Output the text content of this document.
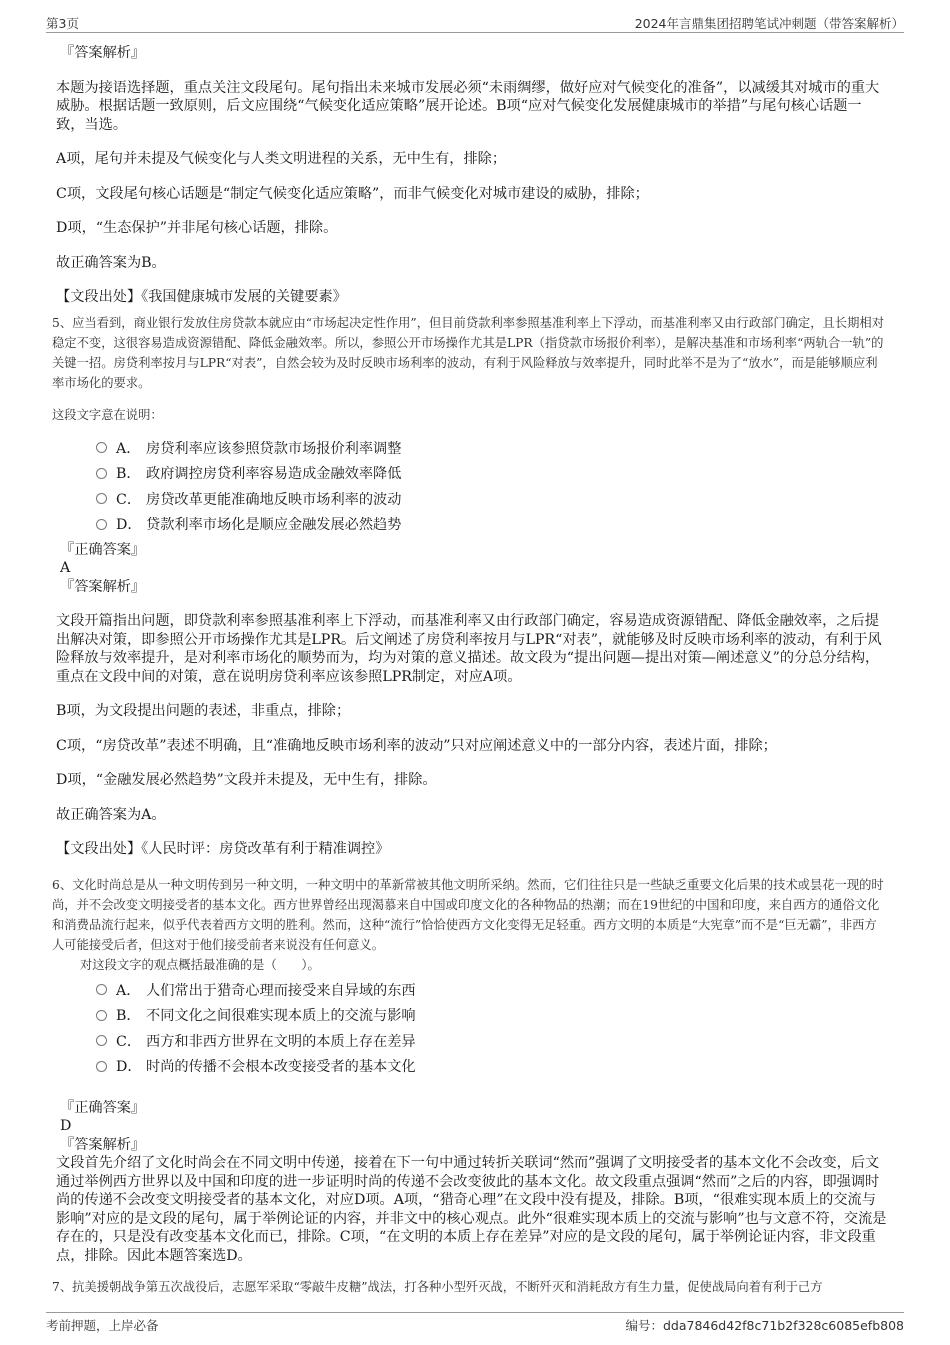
第3页	2024年言鼎集团招聘笔试冲刺题（带答案解析）

『答案解析』

本题为接语选择题，重点关注文段尾句。尾句指出未来城市发展必须“未雨绸缪，做好应对气候变化的准备”，以减缓其对城市的重大威胁。根据话题一致原则，后文应围绕“气候变化适应策略”展开论述。B项“应对气候变化发展健康城市的举措”与尾句核心话题一致，当选。

A项，尾句并未提及气候变化与人类文明进程的关系，无中生有，排除；

C项，文段尾句核心话题是“制定气候变化适应策略”，而非气候变化对城市建设的威胁，排除；

D项，“生态保护”并非尾句核心话题，排除。

故正确答案为B。

【文段出处】《我国健康城市发展的关键要素》

5、应当看到，商业银行发放住房贷款本就应由“市场起决定性作用”，但目前贷款利率参照基准利率上下浮动，而基准利率又由行政部门确定，且长期相对稳定不变，这很容易造成资源错配、降低金融效率。所以，参照公开市场操作尤其是LPR（指贷款市场报价利率），是解决基准和市场利率“两轨合一轨”的关键一招。房贷利率按月与LPR“对表”，自然会较为及时反映市场利率的波动，有利于风险释放与效率提升，同时此举不是为了“放水”，而是能够顺应利率市场化的要求。

这段文字意在说明：

A． 房贷利率应该参照贷款市场报价利率调整
B． 政府调控房贷利率容易造成金融效率降低
C． 房贷改革更能准确地反映市场利率的波动
D． 贷款利率市场化是顺应金融发展必然趋势

『正确答案』

A

『答案解析』

文段开篇指出问题，即贷款利率参照基准利率上下浮动，而基准利率又由行政部门确定，容易造成资源错配、降低金融效率，之后提出解决对策，即参照公开市场操作尤其是LPR。后文阐述了房贷利率按月与LPR“对表”，就能够及时反映市场利率的波动，有利于风险释放与效率提升，是对利率市场化的顺势而为，均为对策的意义描述。故文段为“提出问题—提出对策—阐述意义”的分总分结构，重点在文段中间的对策，意在说明房贷利率应该参照LPR制定，对应A项。

B项，为文段提出问题的表述，非重点，排除；

C项，“房贷改革”表述不明确，且“准确地反映市场利率的波动”只对应阐述意义中的一部分内容，表述片面，排除；

D项，“金融发展必然趋势”文段并未提及，无中生有，排除。

故正确答案为A。

【文段出处】《人民时评：房贷改革有利于精准调控》

6、文化时尚总是从一种文明传到另一种文明，一种文明中的革新常被其他文明所采纳。然而，它们往往只是一些缺乏重要文化后果的技术或昙花一现的时尚，并不会改变文明接受者的基本文化。西方世界曾经出现渴慕来自中国或印度文化的各种物品的热潮；而在19世纪的中国和印度，来自西方的通俗文化和消费品流行起来，似乎代表着西方文明的胜利。然而，这种“流行”恰恰使西方文化变得无足轻重。西方文明的本质是“大宪章”而不是“巨无霸”，非西方人可能接受后者，但这对于他们接受前者来说没有任何意义。

对这段文字的观点概括最准确的是（　　）。

A． 人们常出于猎奇心理而接受来自异域的东西
B． 不同文化之间很难实现本质上的交流与影响
C． 西方和非西方世界在文明的本质上存在差异
D． 时尚的传播不会根本改变接受者的基本文化

『正确答案』

D

『答案解析』

文段首先介绍了文化时尚会在不同文明中传递，接着在下一句中通过转折关联词“然而”强调了文明接受者的基本文化不会改变，后文通过举例西方世界以及中国和印度的进一步证明时尚的传递不会改变彼此的基本文化。故文段重点强调“然而”之后的内容，即强调时尚的传递不会改变文明接受者的基本文化，对应D项。A项，“猎奇心理”在文段中没有提及，排除。B项，“很难实现本质上的交流与影响”对应的是文段的尾句，属于举例论证的内容，并非文中的核心观点。此外“很难实现本质上的交流与影响”也与文意不符，交流是存在的，只是没有改变基本文化而已，排除。C项，“在文明的本质上存在差异”对应的是文段的尾句，属于举例论证内容，非文段重点，排除。因此本题答案选D。

7、抗美援朝战争第五次战役后，志愿军采取“零敲牛皮糖”战法，打各种小型歼灭战，不断歼灭和消耗敌方有生力量，促使战局向着有利于己方

考前押题，上岸必备	编号：dda7846d42f8c71b2f328c6085efb808
